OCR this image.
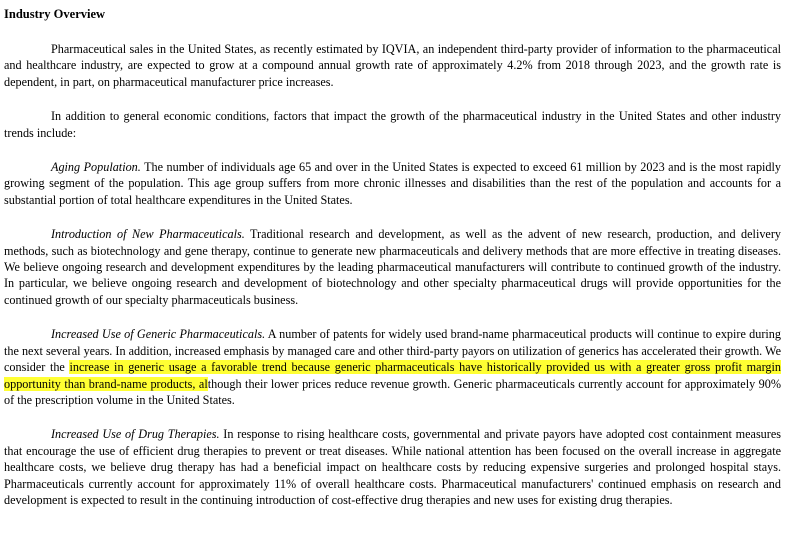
Industry Overview

Pharmaceutical sales in the United States, as recently estimated by IQVIA, an independent third-party provider of information to the pharmaceutical and healthcare industry, are expected to grow at a compound annual growth rate of approximately 4.2% from 2018 through 2023, and the growth rate is dependent, in part, on pharmaceutical manufacturer price increases.

In addition to general economic conditions, factors that impact the growth of the pharmaceutical industry in the United States and other industry trends include:

Aging Population. The number of individuals age 65 and over in the United States is expected to exceed 61 million by 2023 and is the most rapidly growing segment of the population. This age group suffers from more chronic illnesses and disabilities than the rest of the population and accounts for a substantial portion of total healthcare expenditures in the United States.

Introduction of New Pharmaceuticals. Traditional research and development, as well as the advent of new research, production, and delivery methods, such as biotechnology and gene therapy, continue to generate new pharmaceuticals and delivery methods that are more effective in treating diseases. We believe ongoing research and development expenditures by the leading pharmaceutical manufacturers will contribute to continued growth of the industry. In particular, we believe ongoing research and development of biotechnology and other specialty pharmaceutical drugs will provide opportunities for the continued growth of our specialty pharmaceuticals business.

Increased Use of Generic Pharmaceuticals. A number of patents for widely used brand-name pharmaceutical products will continue to expire during the next several years. In addition, increased emphasis by managed care and other third-party payors on utilization of generics has accelerated their growth. We consider the increase in generic usage a favorable trend because generic pharmaceuticals have historically provided us with a greater gross profit margin opportunity than brand-name products, although their lower prices reduce revenue growth. Generic pharmaceuticals currently account for approximately 90% of the prescription volume in the United States.

Increased Use of Drug Therapies. In response to rising healthcare costs, governmental and private payors have adopted cost containment measures that encourage the use of efficient drug therapies to prevent or treat diseases. While national attention has been focused on the overall increase in aggregate healthcare costs, we believe drug therapy has had a beneficial impact on healthcare costs by reducing expensive surgeries and prolonged hospital stays. Pharmaceuticals currently account for approximately 11% of overall healthcare costs. Pharmaceutical manufacturers' continued emphasis on research and development is expected to result in the continuing introduction of cost-effective drug therapies and new uses for existing drug therapies.
